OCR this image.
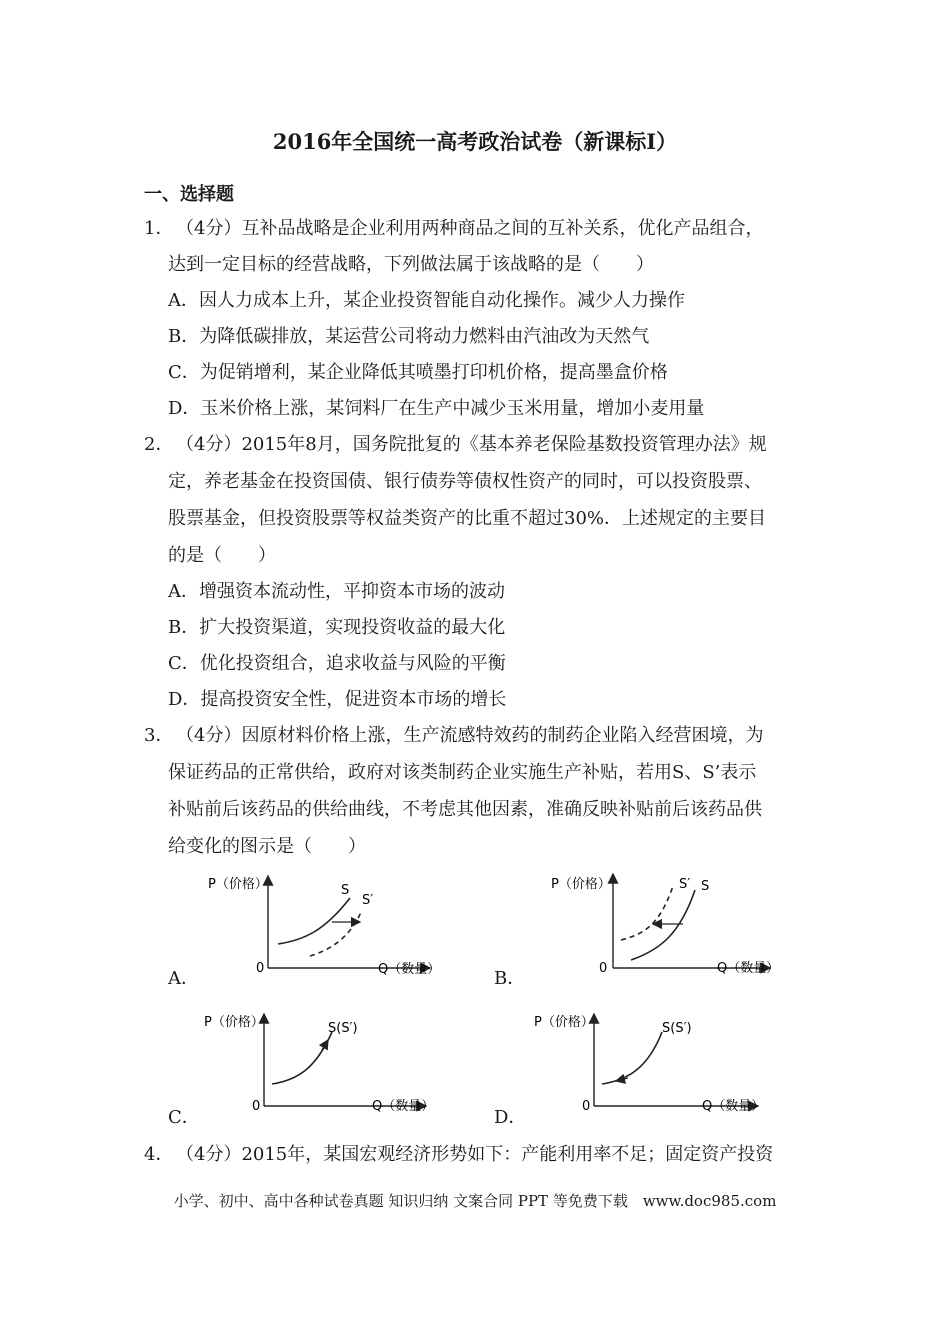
2016年全国统一高考政治试卷（新课标I）
一、选择题
1． （4分）互补品战略是企业利用两种商品之间的互补关系，优化产品组合，
达到一定目标的经营战略，下列做法属于该战略的是（　　）
A．因人力成本上升，某企业投资智能自动化操作。减少人力操作
B．为降低碳排放，某运营公司将动力燃料由汽油改为天然气
C．为促销增利，某企业降低其喷墨打印机价格，提高墨盒价格
D．玉米价格上涨，某饲料厂在生产中减少玉米用量，增加小麦用量
2． （4分）2015年8月，国务院批复的《基本养老保险基数投资管理办法》规
定，养老基金在投资国债、银行债券等债权性资产的同时，可以投资股票、
股票基金，但投资股票等权益类资产的比重不超过30%．上述规定的主要目
的是（　　）
A．增强资本流动性，平抑资本市场的波动
B．扩大投资渠道，实现投资收益的最大化
C．优化投资组合，追求收益与风险的平衡
D．提高投资安全性，促进资本市场的增长
3． （4分）因原材料价格上涨，生产流感特效药的制药企业陷入经营困境，为
保证药品的正常供给，政府对该类制药企业实施生产补贴，若用S、S’表示
补贴前后该药品的供给曲线，不考虑其他因素，准确反映补贴前后该药品供
给变化的图示是（　　）
A．
P（价格）
0	Q（数量）
S
S′
B．
P（价格）
0	Q（数量）
S′ S
C．
P（价格）
0	Q（数量）
S(S′)
D．
P（价格）
0	Q（数量）
S(S′)
4． （4分）2015年，某国宏观经济形势如下：产能利用率不足；固定资产投资
小学、初中、高中各种试卷真题 知识归纳 文案合同 PPT 等免费下载　www.doc985.com
